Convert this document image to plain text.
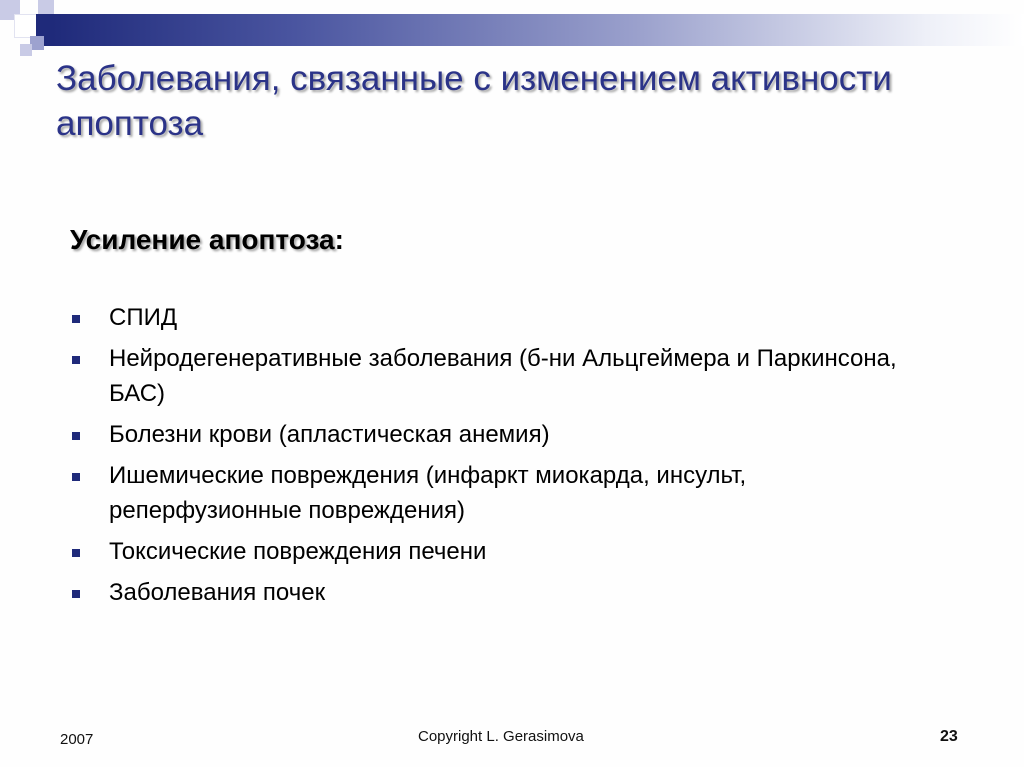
Заболевания, связанные с изменением активности апоптоза
Усиление апоптоза:
СПИД
Нейродегенеративные заболевания (б-ни Альцгеймера и Паркинсона, БАС)
Болезни крови (апластическая анемия)
Ишемические повреждения (инфаркт миокарда, инсульт, реперфузионные повреждения)
Токсические повреждения печени
Заболевания почек
2007	Copyright L. Gerasimova	23
